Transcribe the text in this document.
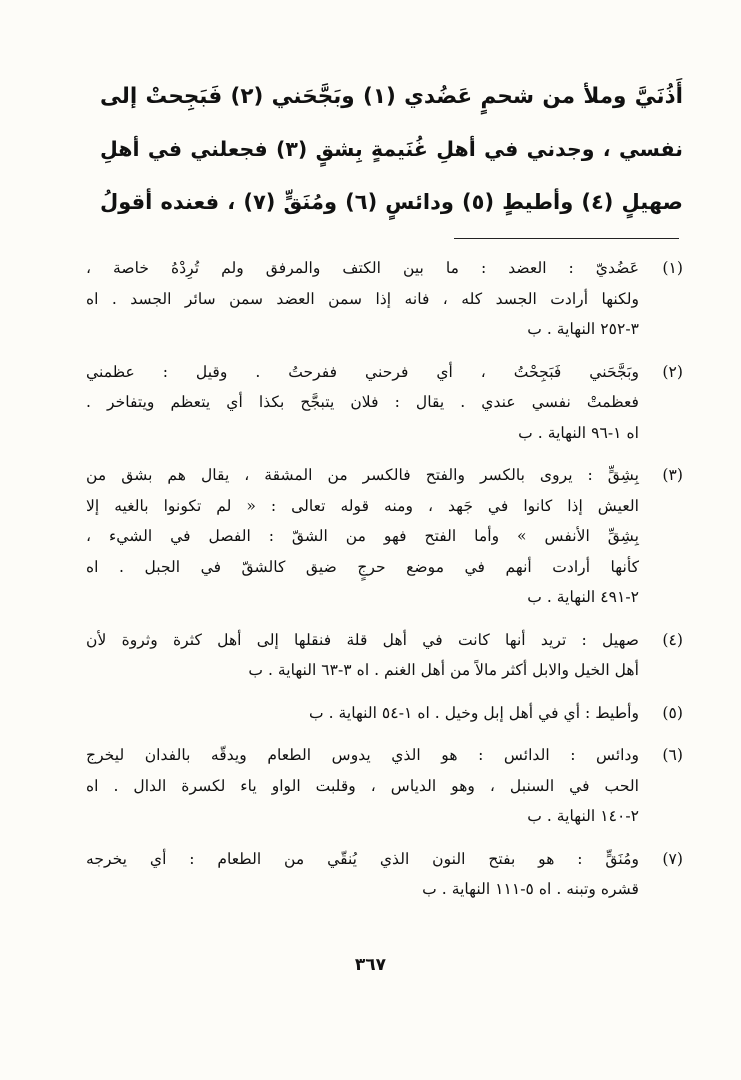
أَذُنَيَّ وملأ من شحمٍ عَضُدي (١) وبَجَّحَني (٢) فَبَجِحتْ إلى
نفسي ، وجدني في أهلِ غُنَيمةٍ بِشقٍ (٣) فجعلني في أهلِ
صهيلٍ (٤) وأطيطٍ (٥) ودائسٍ (٦) ومُنَقٍّ (٧) ، فعنده أقولُ
(١)
عَضُديّ : العضد : ما بين الكتف والمرفق ولم تُرِدْهُ خاصة ،
ولكنها أرادت الجسد كله ، فانه إذا سمن العضد سمن سائر الجسد . اه
٣-٢٥٢ النهاية . ب
(٢)
وبَجَّحَني فَبَجِحْتُ ، أي فرحني ففرحتُ . وقيل : عظمني
فعظمتْ نفسي عندي . يقال : فلان يتبجَّح بكذا أي يتعظم ويتفاخر .
اه ١-٩٦ النهاية . ب
(٣)
بِشِقٍّ : يروى بالكسر والفتح فالكسر من المشقة ، يقال هم بشق من
العيش إذا كانوا في جَهد ، ومنه قوله تعالى : « لم تكونوا بالغيه إلا
بِشِقِّ الأنفس » وأما الفتح فهو من الشقّ : الفصل في الشيء ،
كأنها أرادت أنهم في موضع حرجٍ ضيق كالشقّ في الجبل . اه
٢-٤٩١ النهاية . ب
(٤)
صهيل : تريد أنها كانت في أهل قلة فنقلها إلى أهل كثرة وثروة لأن
أهل الخيل والابل أكثر مالاً من أهل الغنم . اه ٣-٦٣ النهاية . ب
(٥)
وأطيط : أي في أهل إبل وخيل . اه ١-٥٤ النهاية . ب
(٦)
ودائس : الدائس : هو الذي يدوس الطعام ويدقّه بالفدان ليخرج
الحب في السنبل ، وهو الدياس ، وقلبت الواو ياء لكسرة الدال . اه
٢-١٤٠ النهاية . ب
(٧)
ومُنَقٍّ : هو بفتح النون الذي يُنقّي من الطعام : أي يخرجه
قشره وتبنه . اه ٥-١١١ النهاية . ب
٣٦٧
